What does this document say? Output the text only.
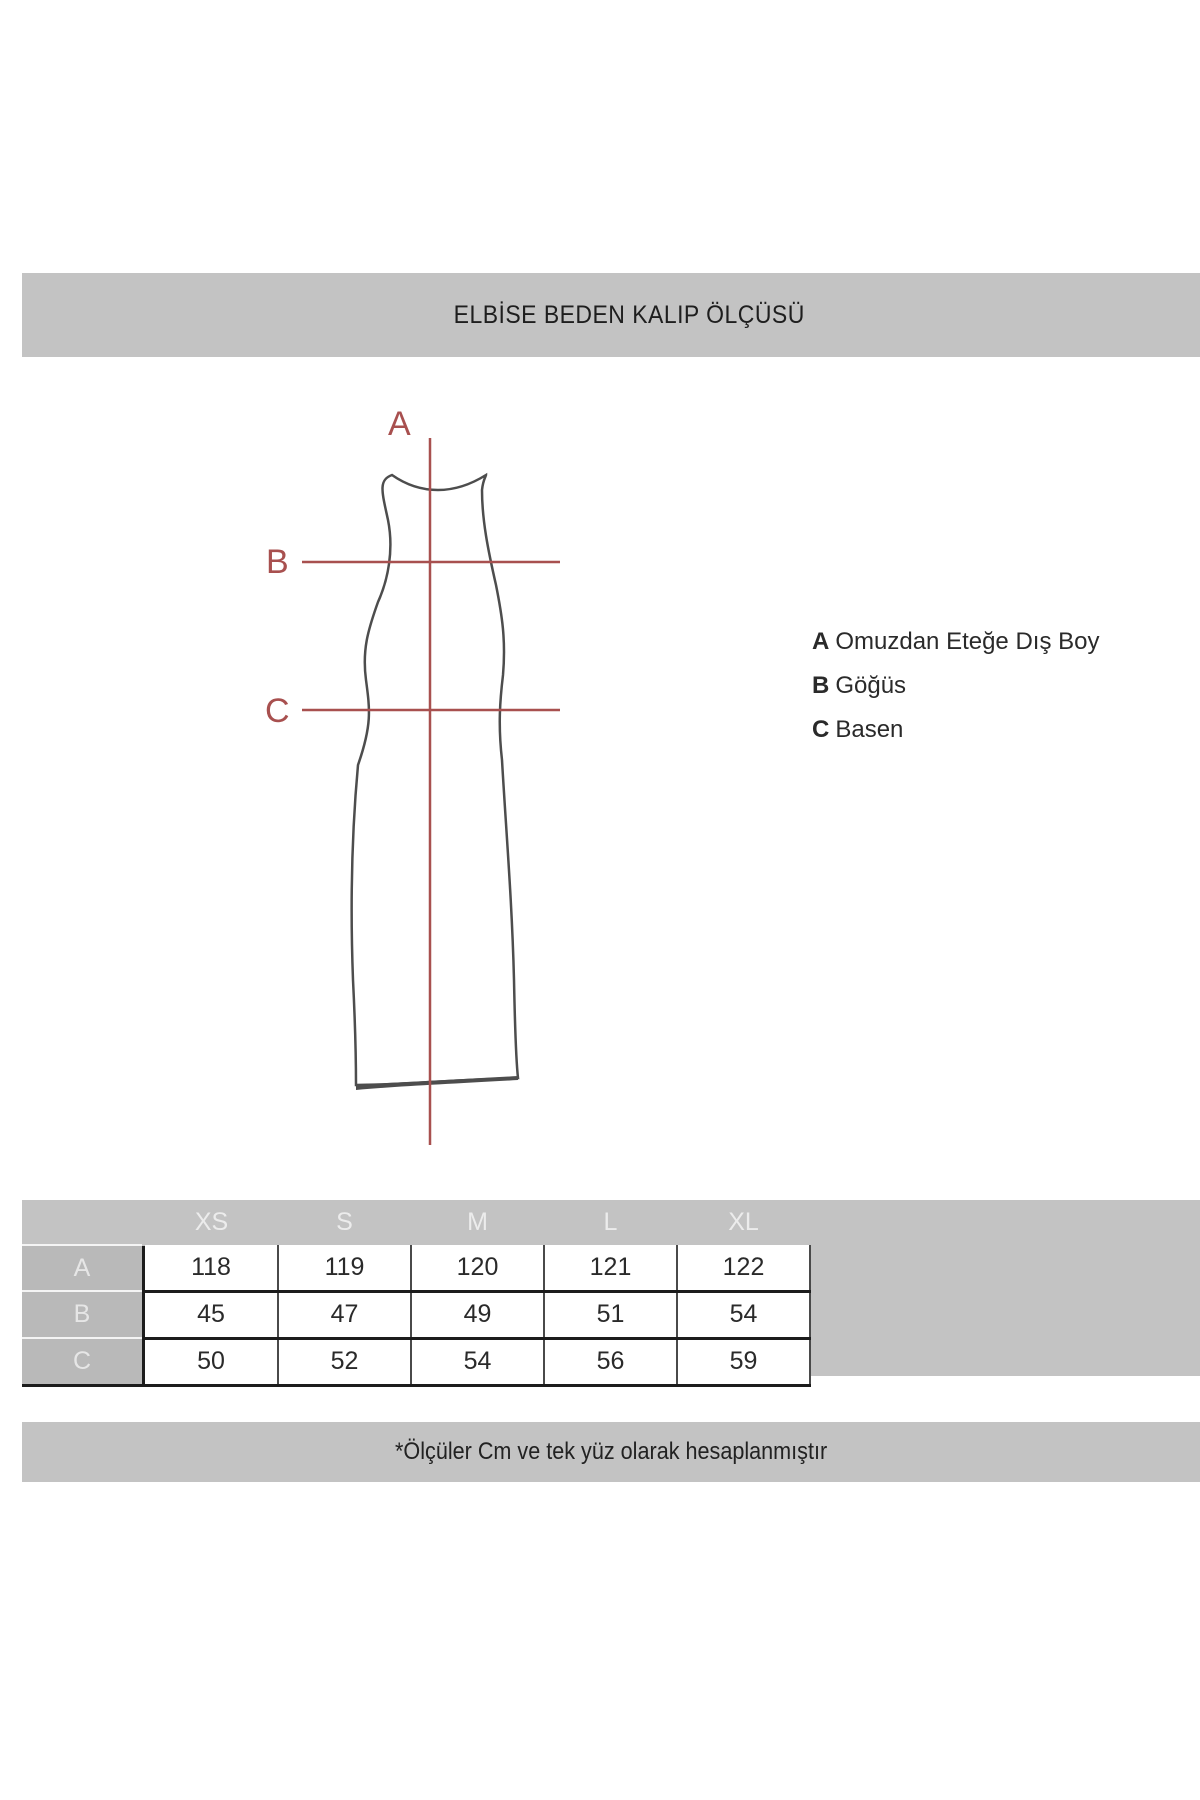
ELBİSE BEDEN KALIP ÖLÇÜSÜ
A
B
C
A Omuzdan Eteğe Dış Boy
B Göğüs
C Basen
	XS	S	M	L	XL
A	118	119	120	121	122
B	45	47	49	51	54
C	50	52	54	56	59
*Ölçüler Cm ve tek yüz olarak hesaplanmıştır
